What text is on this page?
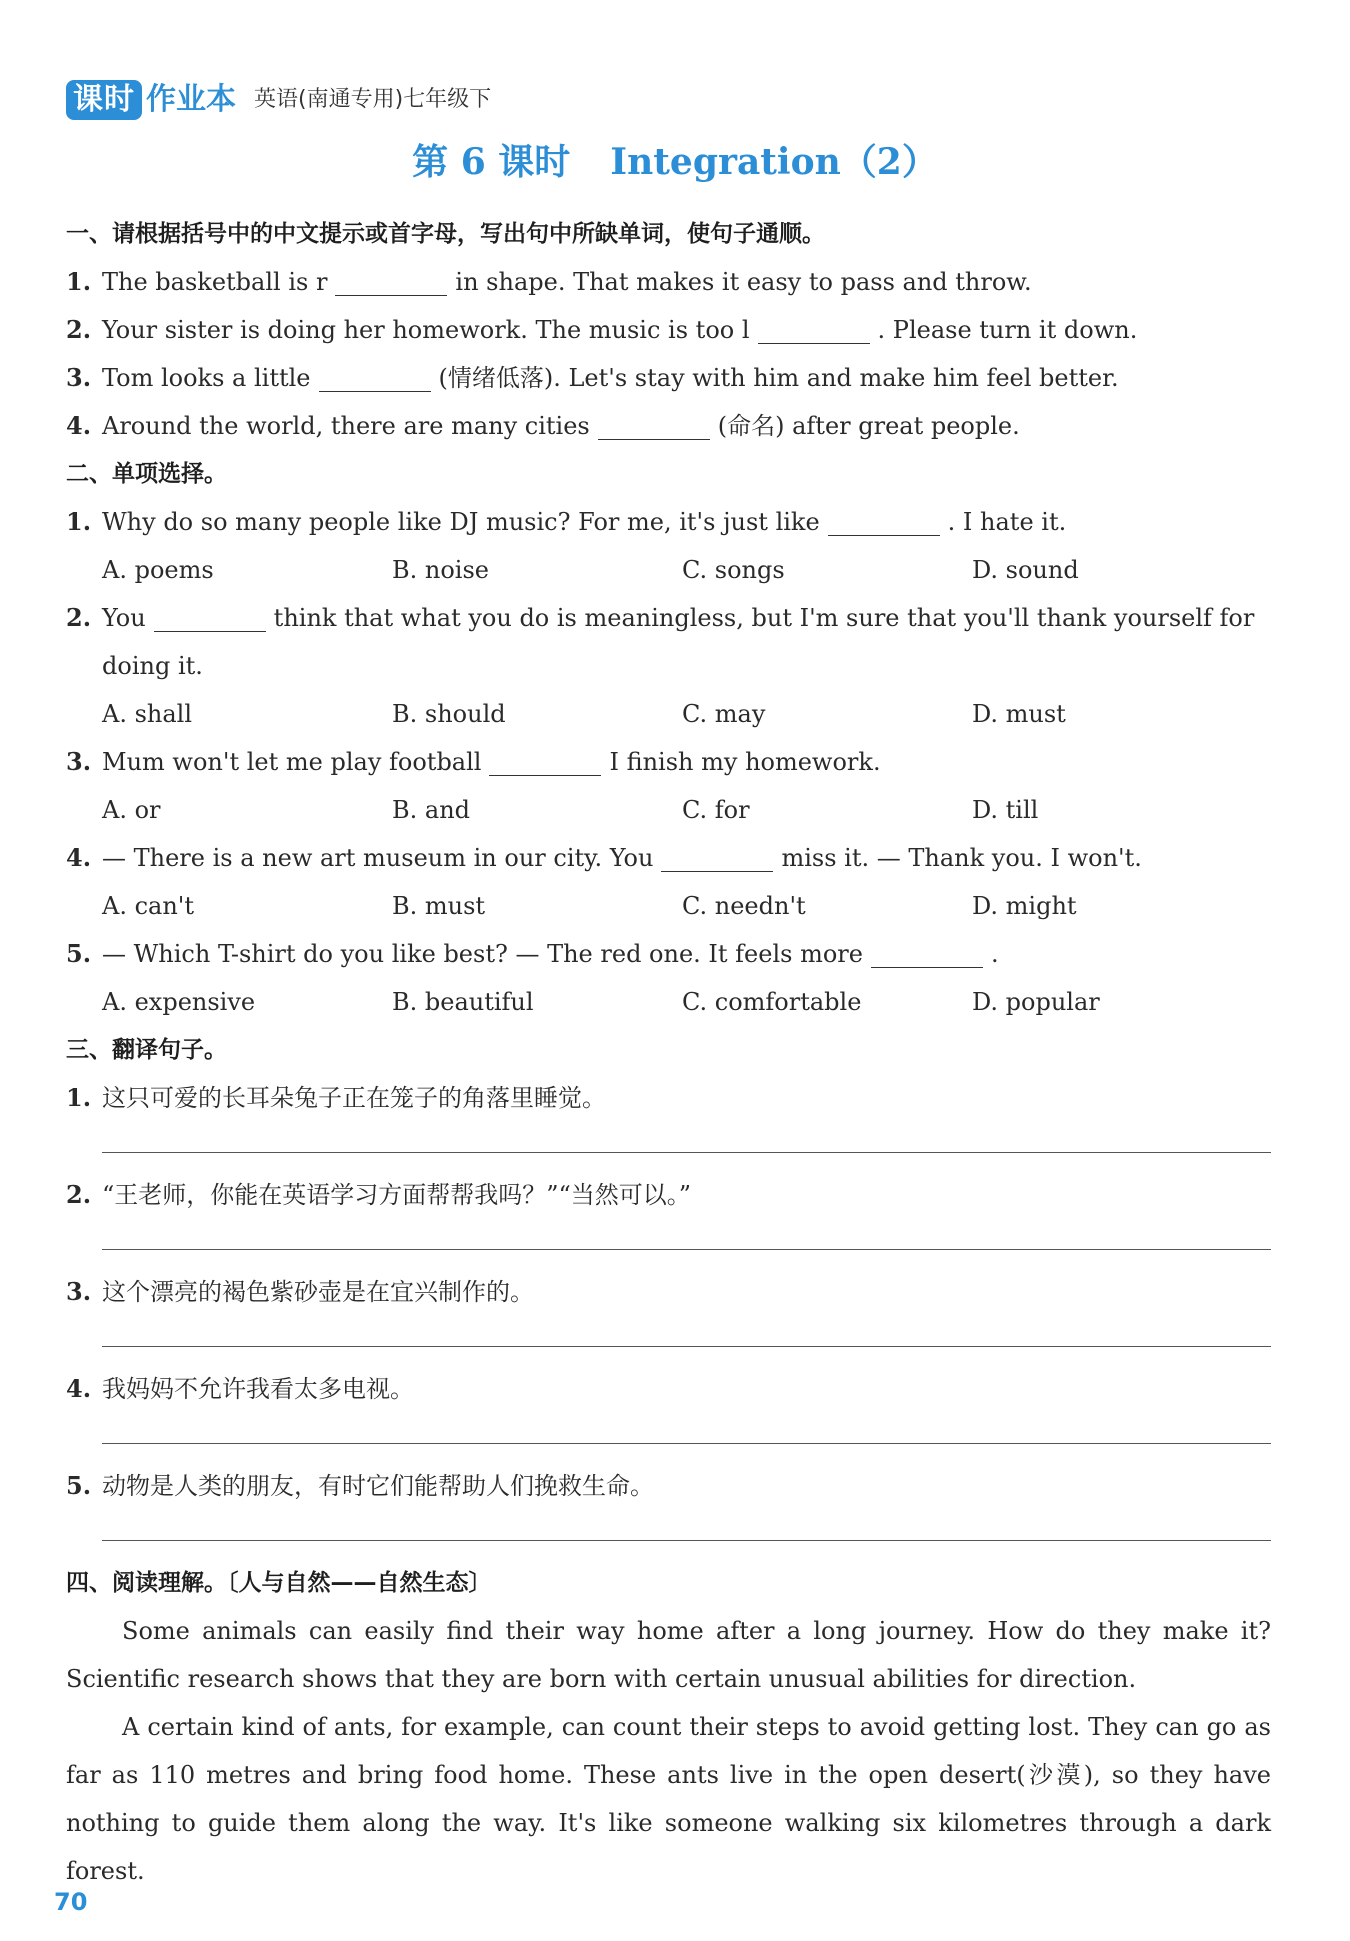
课时 作业本 英语(南通专用)七年级下
第 6 课时 Integration（2）
一、请根据括号中的中文提示或首字母，写出句中所缺单词，使句子通顺。
1. The basketball is r	in shape. That makes it easy to pass and throw.
2. Your sister is doing her homework. The music is too l	. Please turn it down.
3. Tom looks a little	(情绪低落). Let's stay with him and make him feel better.
4. Around the world, there are many cities	(命名) after great people.
二、单项选择。
1. Why do so many people like DJ music? For me, it's just like	. I hate it.
A. poems	B. noise	C. songs	D. sound
2. You	think that what you do is meaningless, but I'm sure that you'll thank yourself for
doing it.
A. shall	B. should	C. may	D. must
3. Mum won't let me play football	I finish my homework.
A. or	B. and	C. for	D. till
4. — There is a new art museum in our city. You	miss it. — Thank you. I won't.
A. can't	B. must	C. needn't	D. might
5. — Which T-shirt do you like best? — The red one. It feels more	.
A. expensive	B. beautiful	C. comfortable	D. popular
三、翻译句子。
1. 这只可爱的长耳朵兔子正在笼子的角落里睡觉。
2. “王老师，你能在英语学习方面帮帮我吗？”“当然可以。”
3. 这个漂亮的褐色紫砂壶是在宜兴制作的。
4. 我妈妈不允许我看太多电视。
5. 动物是人类的朋友，有时它们能帮助人们挽救生命。
四、阅读理解。〔人与自然——自然生态〕
Some animals can easily find their way home after a long journey. How do they make it? Scientific research shows that they are born with certain unusual abilities for direction.
A certain kind of ants, for example, can count their steps to avoid getting lost. They can go as far as 110 metres and bring food home. These ants live in the open desert(沙漠), so they have nothing to guide them along the way. It's like someone walking six kilometres through a dark forest.
70
